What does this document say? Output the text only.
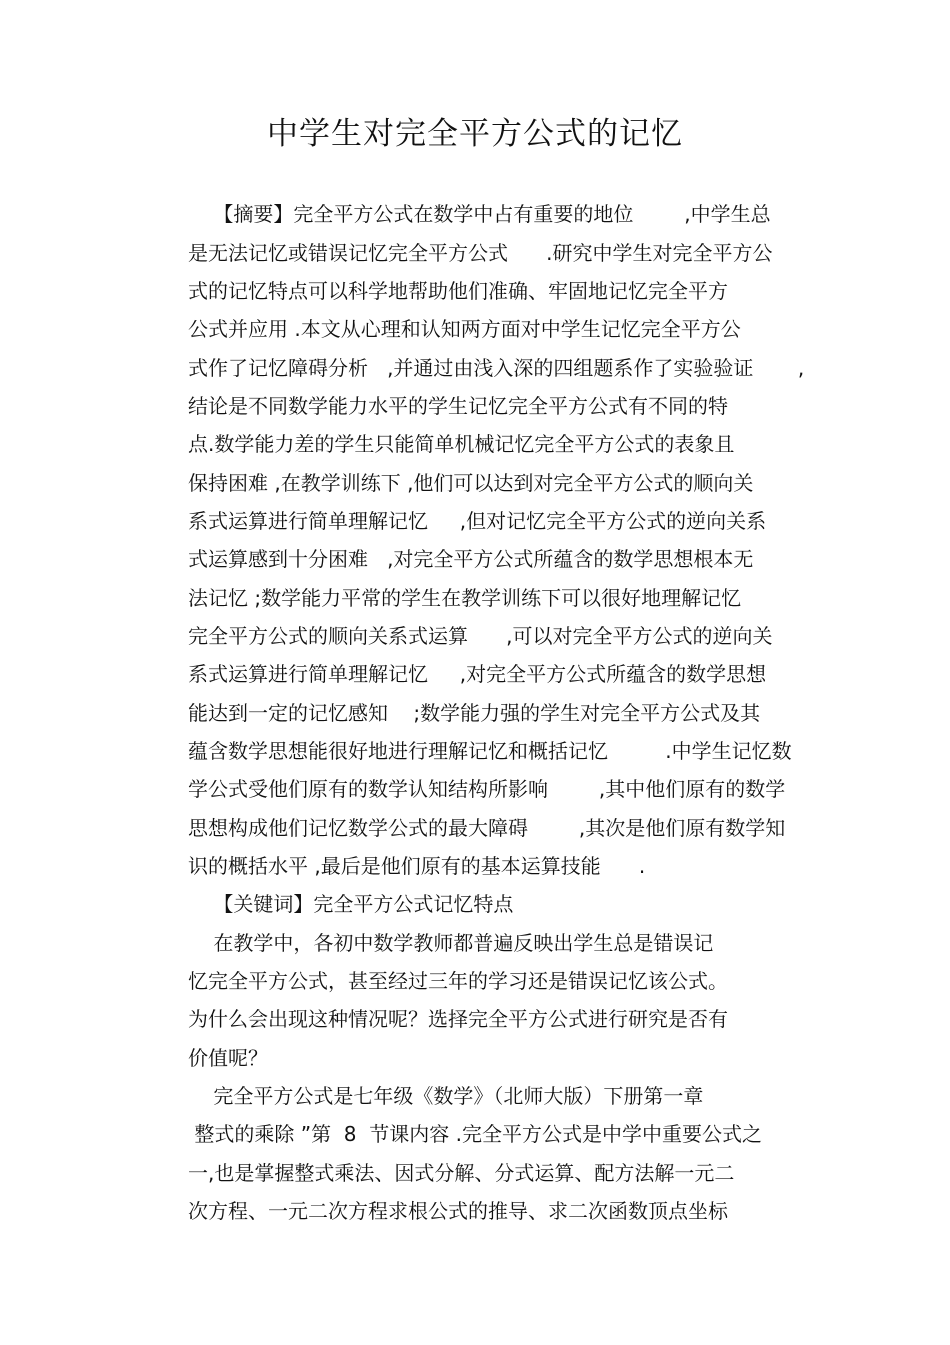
中学生对完全平方公式的记忆
【摘要】完全平方公式在数学中占有重要的地位        ,中学生总
是无法记忆或错误记忆完全平方公式      .研究中学生对完全平方公
式的记忆特点可以科学地帮助他们准确、牢固地记忆完全平方
公式并应用 .本文从心理和认知两方面对中学生记忆完全平方公
式作了记忆障碍分析   ,并通过由浅入深的四组题系作了实验验证       ,
结论是不同数学能力水平的学生记忆完全平方公式有不同的特
点.数学能力差的学生只能简单机械记忆完全平方公式的表象且
保持困难 ,在教学训练下 ,他们可以达到对完全平方公式的顺向关
系式运算进行简单理解记忆     ,但对记忆完全平方公式的逆向关系
式运算感到十分困难   ,对完全平方公式所蕴含的数学思想根本无
法记忆 ;数学能力平常的学生在教学训练下可以很好地理解记忆
完全平方公式的顺向关系式运算      ,可以对完全平方公式的逆向关
系式运算进行简单理解记忆     ,对完全平方公式所蕴含的数学思想
能达到一定的记忆感知    ;数学能力强的学生对完全平方公式及其
蕴含数学思想能很好地进行理解记忆和概括记忆         .中学生记忆数
学公式受他们原有的数学认知结构所影响        ,其中他们原有的数学
思想构成他们记忆数学公式的最大障碍        ,其次是他们原有数学知
识的概括水平 ,最后是他们原有的基本运算技能      .
【关键词】完全平方公式记忆特点
在教学中，各初中数学教师都普遍反映出学生总是错误记
忆完全平方公式，甚至经过三年的学习还是错误记忆该公式。
为什么会出现这种情况呢？选择完全平方公式进行研究是否有
价值呢？
完全平方公式是七年级《数学》（北师大版）下册第一章
整式的乘除 ”第  8  节课内容 .完全平方公式是中学中重要公式之
一,也是掌握整式乘法、因式分解、分式运算、配方法解一元二
次方程、一元二次方程求根公式的推导、求二次函数顶点坐标
